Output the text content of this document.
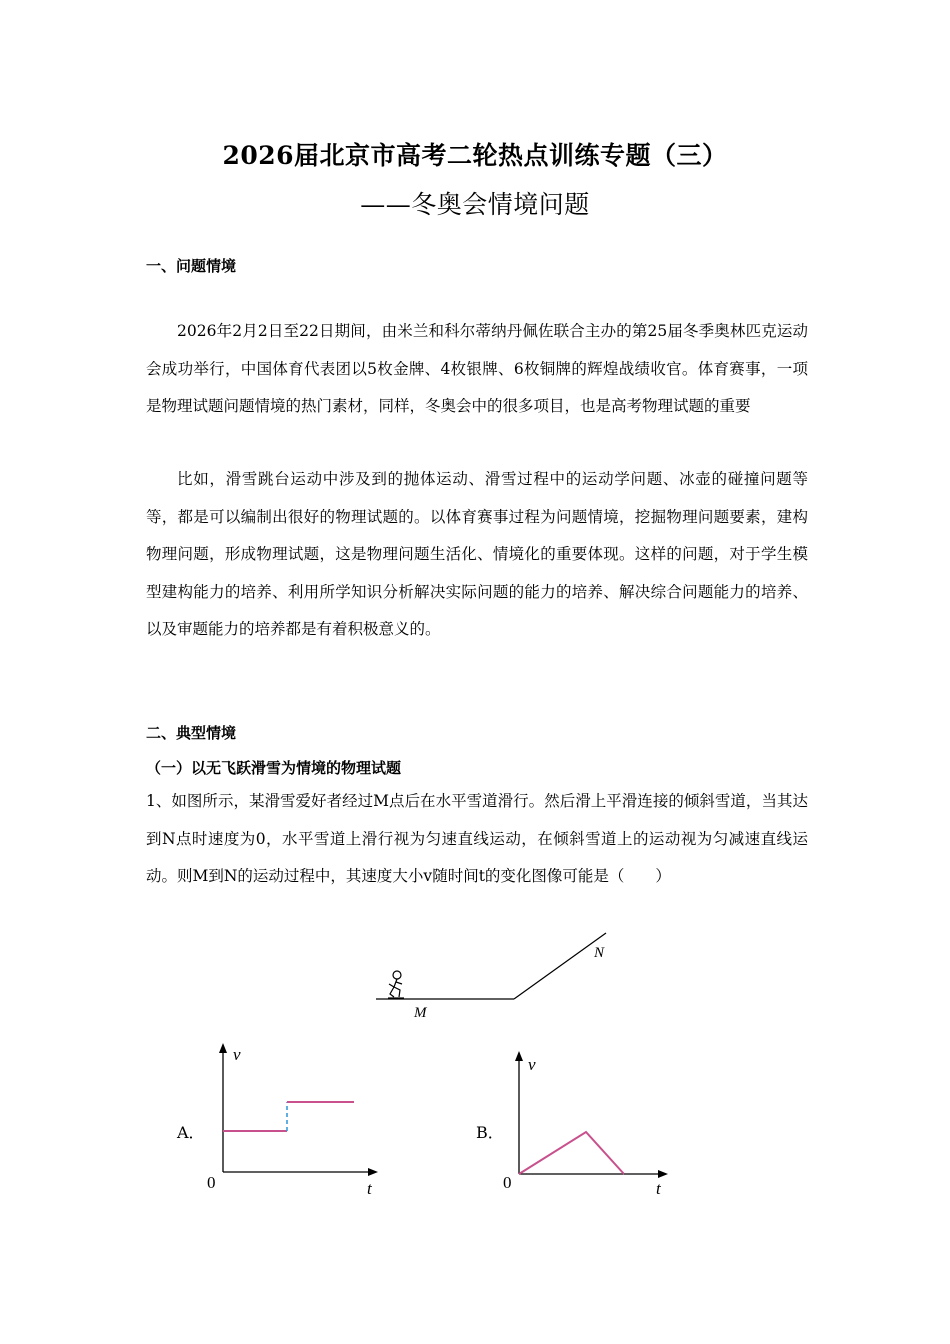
2026届北京市高考二轮热点训练专题（三）
——冬奥会情境问题
一、问题情境

2026年2月2日至22日期间，由米兰和科尔蒂纳丹佩佐联合主办的第25届冬季奥林匹克运动会成功举行，中国体育代表团以5枚金牌、4枚银牌、6枚铜牌的辉煌战绩收官。体育赛事，一项是物理试题问题情境的热门素材，同样，冬奥会中的很多项目，也是高考物理试题的重要

比如，滑雪跳台运动中涉及到的抛体运动、滑雪过程中的运动学问题、冰壶的碰撞问题等等，都是可以编制出很好的物理试题的。以体育赛事过程为问题情境，挖掘物理问题要素，建构物理问题，形成物理试题，这是物理问题生活化、情境化的重要体现。这样的问题，对于学生模型建构能力的培养、利用所学知识分析解决实际问题的能力的培养、解决综合问题能力的培养、以及审题能力的培养都是有着积极意义的。

二、典型情境
（一）以无飞跃滑雪为情境的物理试题

1、如图所示，某滑雪爱好者经过M点后在水平雪道滑行。然后滑上平滑连接的倾斜雪道，当其达到N点时速度为0，水平雪道上滑行视为匀速直线运动，在倾斜雪道上的运动视为匀减速直线运动。则M到N的运动过程中，其速度大小v随时间t的变化图像可能是（　　）

M
N
A．
v
t
0
B．
v
t
0
